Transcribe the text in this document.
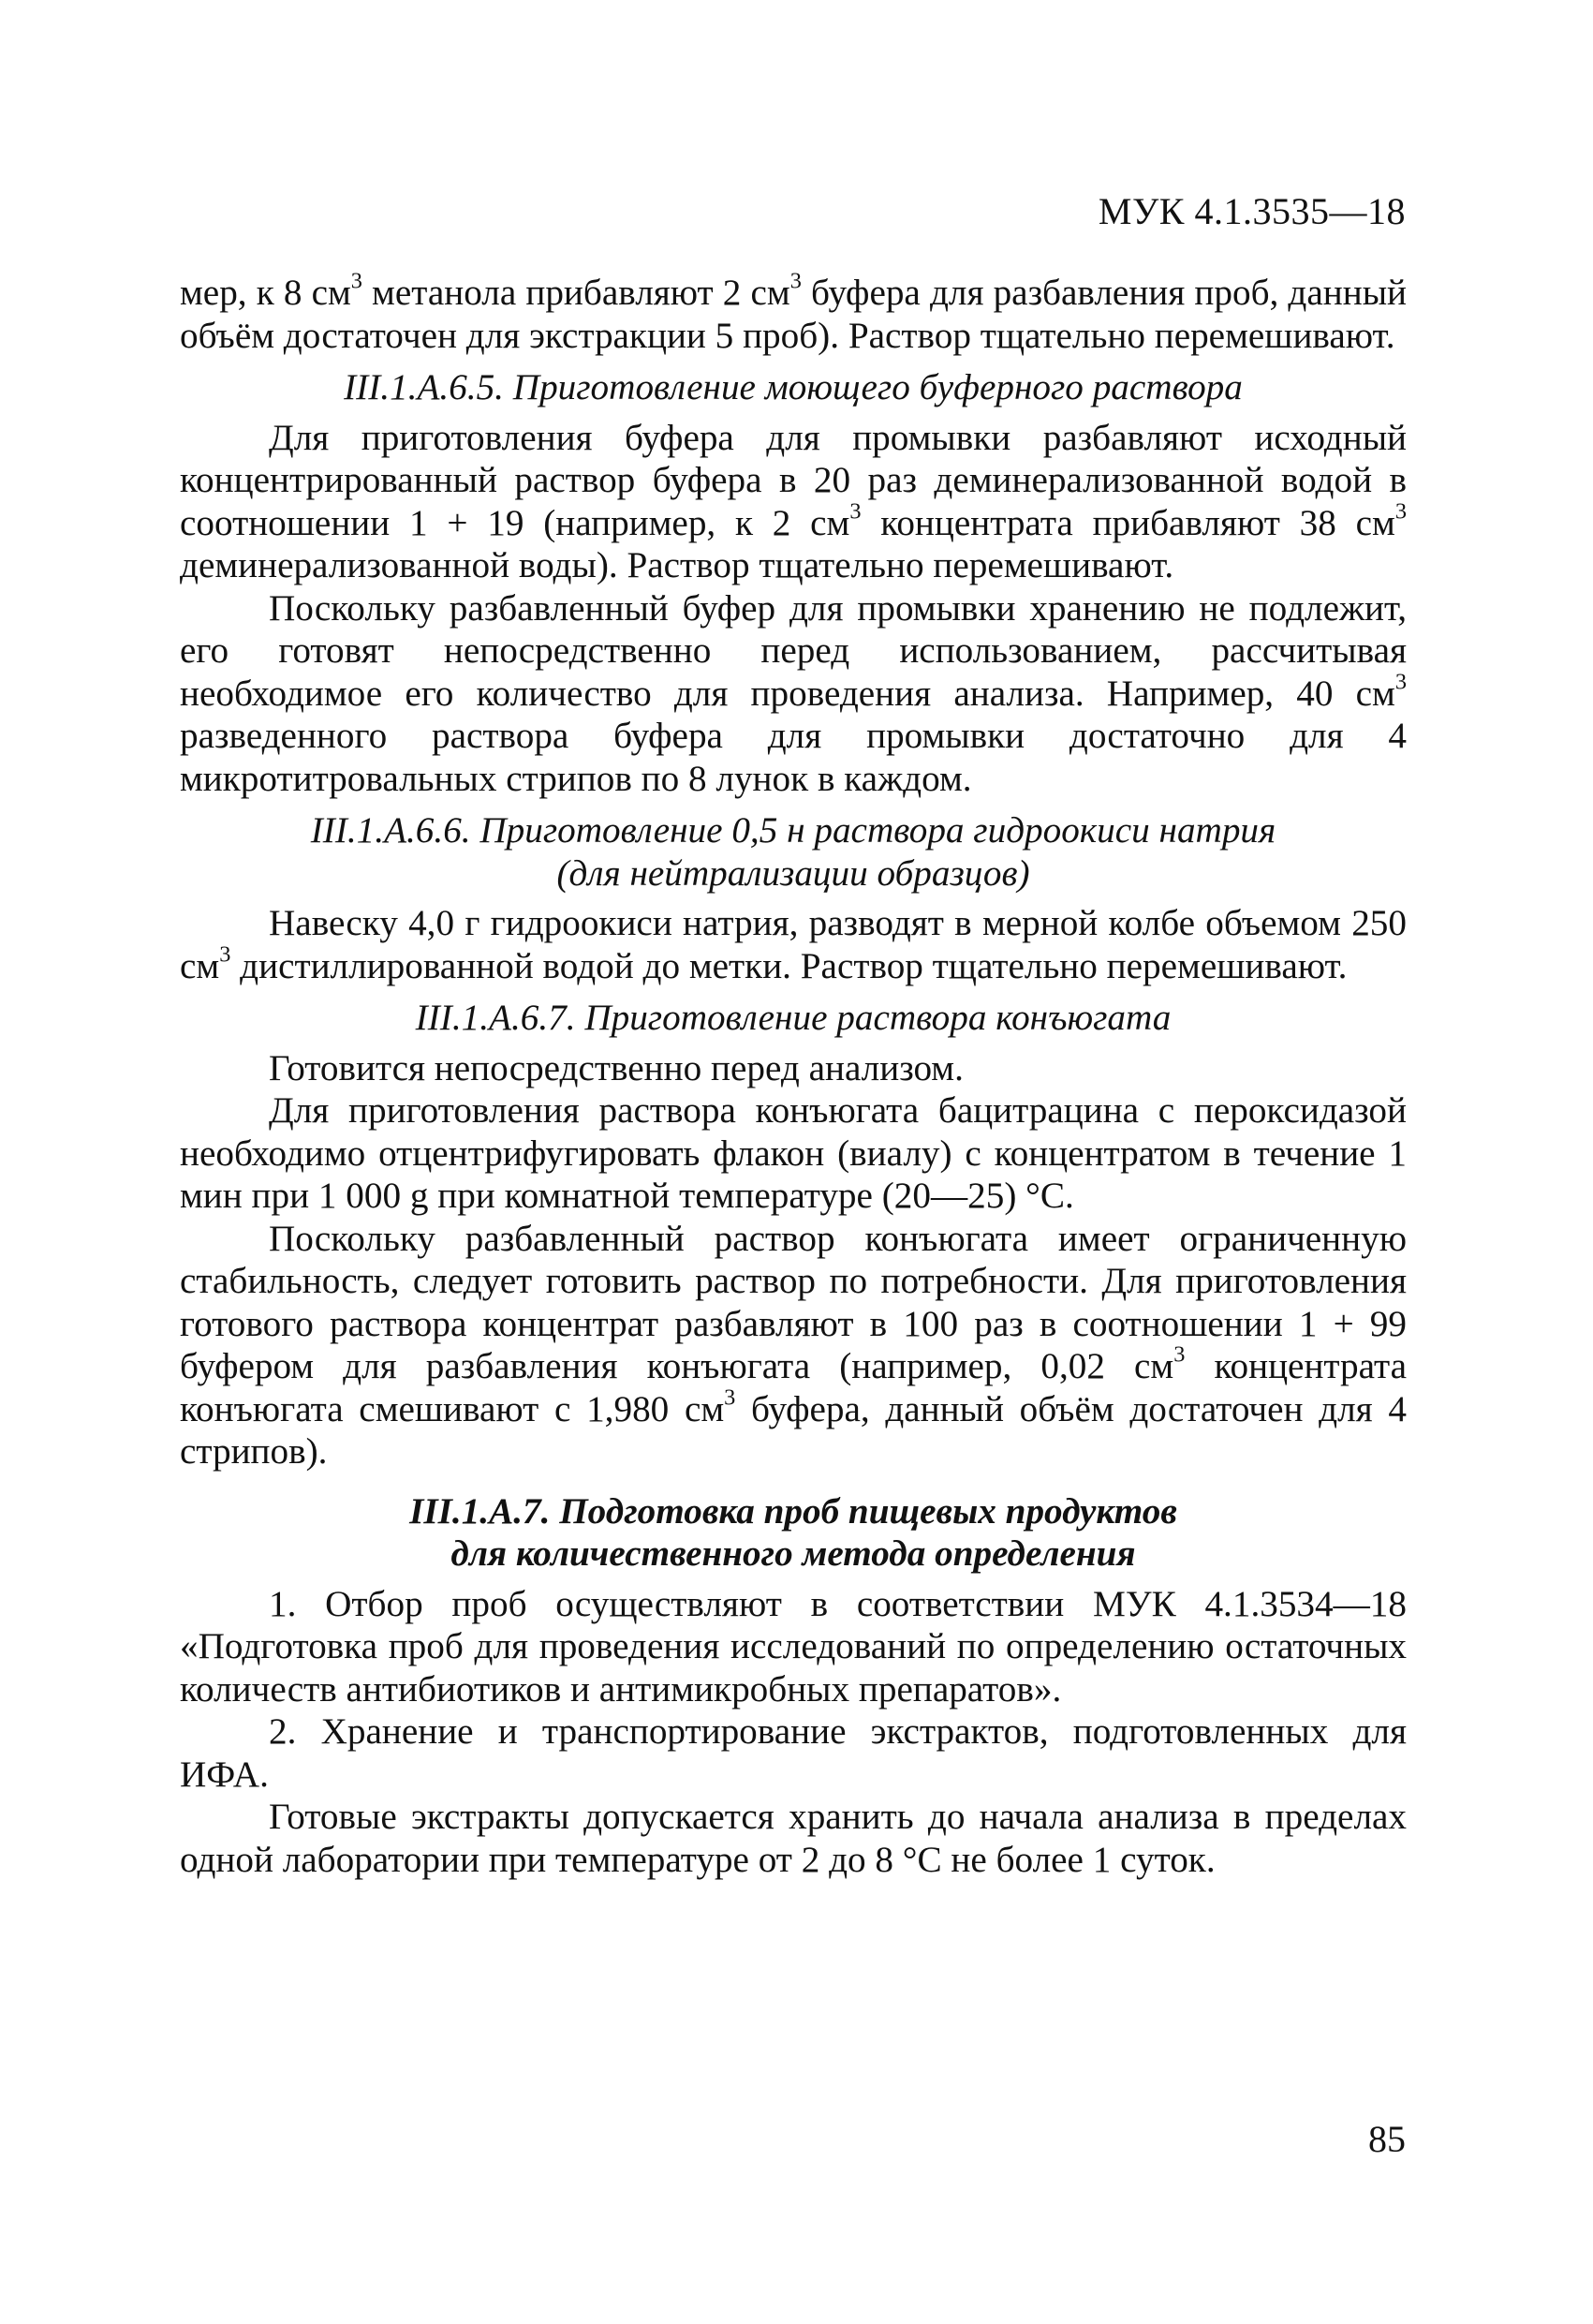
МУК 4.1.3535—18

мер, к 8 $см^3$ метанола прибавляют 2 $см^3$ буфера для разбавления проб, данный объём достаточен для экстракции 5 проб). Раствор тщательно перемешивают.

III.1.А.6.5. Приготовление моющего буферного раствора

Для приготовления буфера для промывки разбавляют исходный концентрированный раствор буфера в 20 раз деминерализованной водой в соотношении 1 + 19 (например, к 2 $см^3$ концентрата прибавляют 38 $см^3$ деминерализованной воды). Раствор тщательно перемешивают.

Поскольку разбавленный буфер для промывки хранению не подлежит, его готовят непосредственно перед использованием, рассчитывая необходимое его количество для проведения анализа. Например, 40 $см^3$ разведенного раствора буфера для промывки достаточно для 4 микротитровальных стрипов по 8 лунок в каждом.

III.1.А.6.6. Приготовление 0,5 н раствора гидроокиси натрия
(для нейтрализации образцов)

Навеску 4,0 г гидроокиси натрия, разводят в мерной колбе объемом 250 $см^3$ дистиллированной водой до метки. Раствор тщательно перемешивают.

III.1.А.6.7. Приготовление раствора конъюгата

Готовится непосредственно перед анализом.

Для приготовления раствора конъюгата бацитрацина с пероксидазой необходимо отцентрифугировать флакон (виалу) с концентратом в течение 1 мин при 1 000 g при комнатной температуре (20—25) °С.

Поскольку разбавленный раствор конъюгата имеет ограниченную стабильность, следует готовить раствор по потребности. Для приготовления готового раствора концентрат разбавляют в 100 раз в соотношении 1 + 99 буфером для разбавления конъюгата (например, 0,02 $см^3$ концентрата конъюгата смешивают с 1,980 $см^3$ буфера, данный объём достаточен для 4 стрипов).

III.1.А.7. Подготовка проб пищевых продуктов
для количественного метода определения

1. Отбор проб осуществляют в соответствии МУК 4.1.3534—18 «Подготовка проб для проведения исследований по определению остаточных количеств антибиотиков и антимикробных препаратов».

2. Хранение и транспортирование экстрактов, подготовленных для ИФА.

Готовые экстракты допускается хранить до начала анализа в пределах одной лаборатории при температуре от 2 до 8 °С не более 1 суток.

85
